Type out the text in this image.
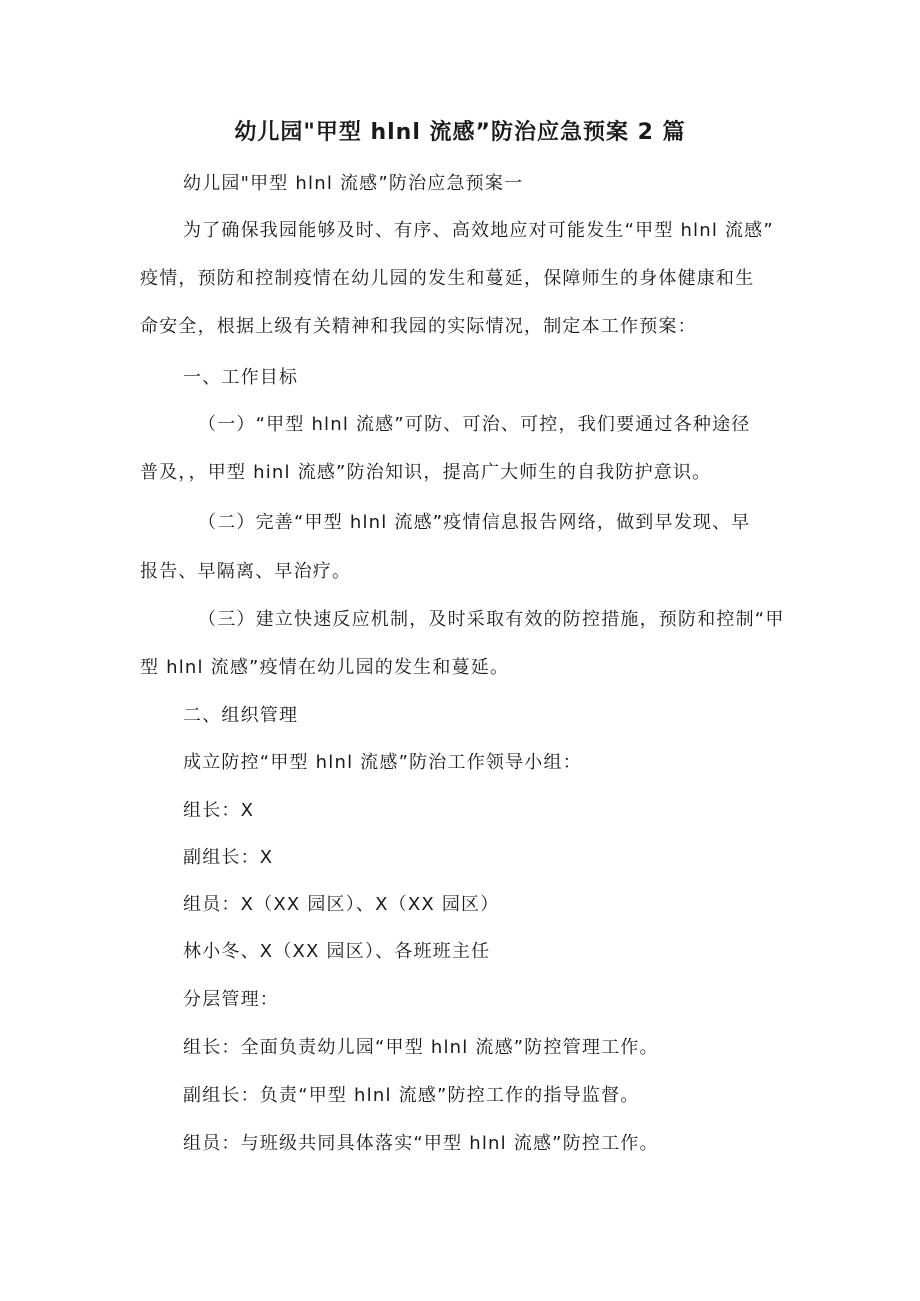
幼儿园"甲型 hlnl 流感”防治应急预案 2 篇
幼儿园"甲型 hlnl 流感”防治应急预案一
为了确保我园能够及时、有序、高效地应对可能发生“甲型 hlnl 流感”
疫情，预防和控制疫情在幼儿园的发生和蔓延，保障师生的身体健康和生
命安全，根据上级有关精神和我园的实际情况，制定本工作预案：
一、工作目标
（一）“甲型 hlnl 流感”可防、可治、可控，我们要通过各种途径
普及，，甲型 hinl 流感”防治知识，提高广大师生的自我防护意识。
（二）完善“甲型 hlnl 流感”疫情信息报告网络，做到早发现、早
报告、早隔离、早治疗。
（三）建立快速反应机制，及时采取有效的防控措施，预防和控制“甲
型 hlnl 流感”疫情在幼儿园的发生和蔓延。
二、组织管理
成立防控“甲型 hlnl 流感”防治工作领导小组：
组长：X
副组长：X
组员：X（XX 园区）、X（XX 园区）
林小冬、X（XX 园区）、各班班主任
分层管理：
组长：全面负责幼儿园“甲型 hlnl 流感”防控管理工作。
副组长：负责“甲型 hlnl 流感”防控工作的指导监督。
组员：与班级共同具体落实“甲型 hlnl 流感”防控工作。
